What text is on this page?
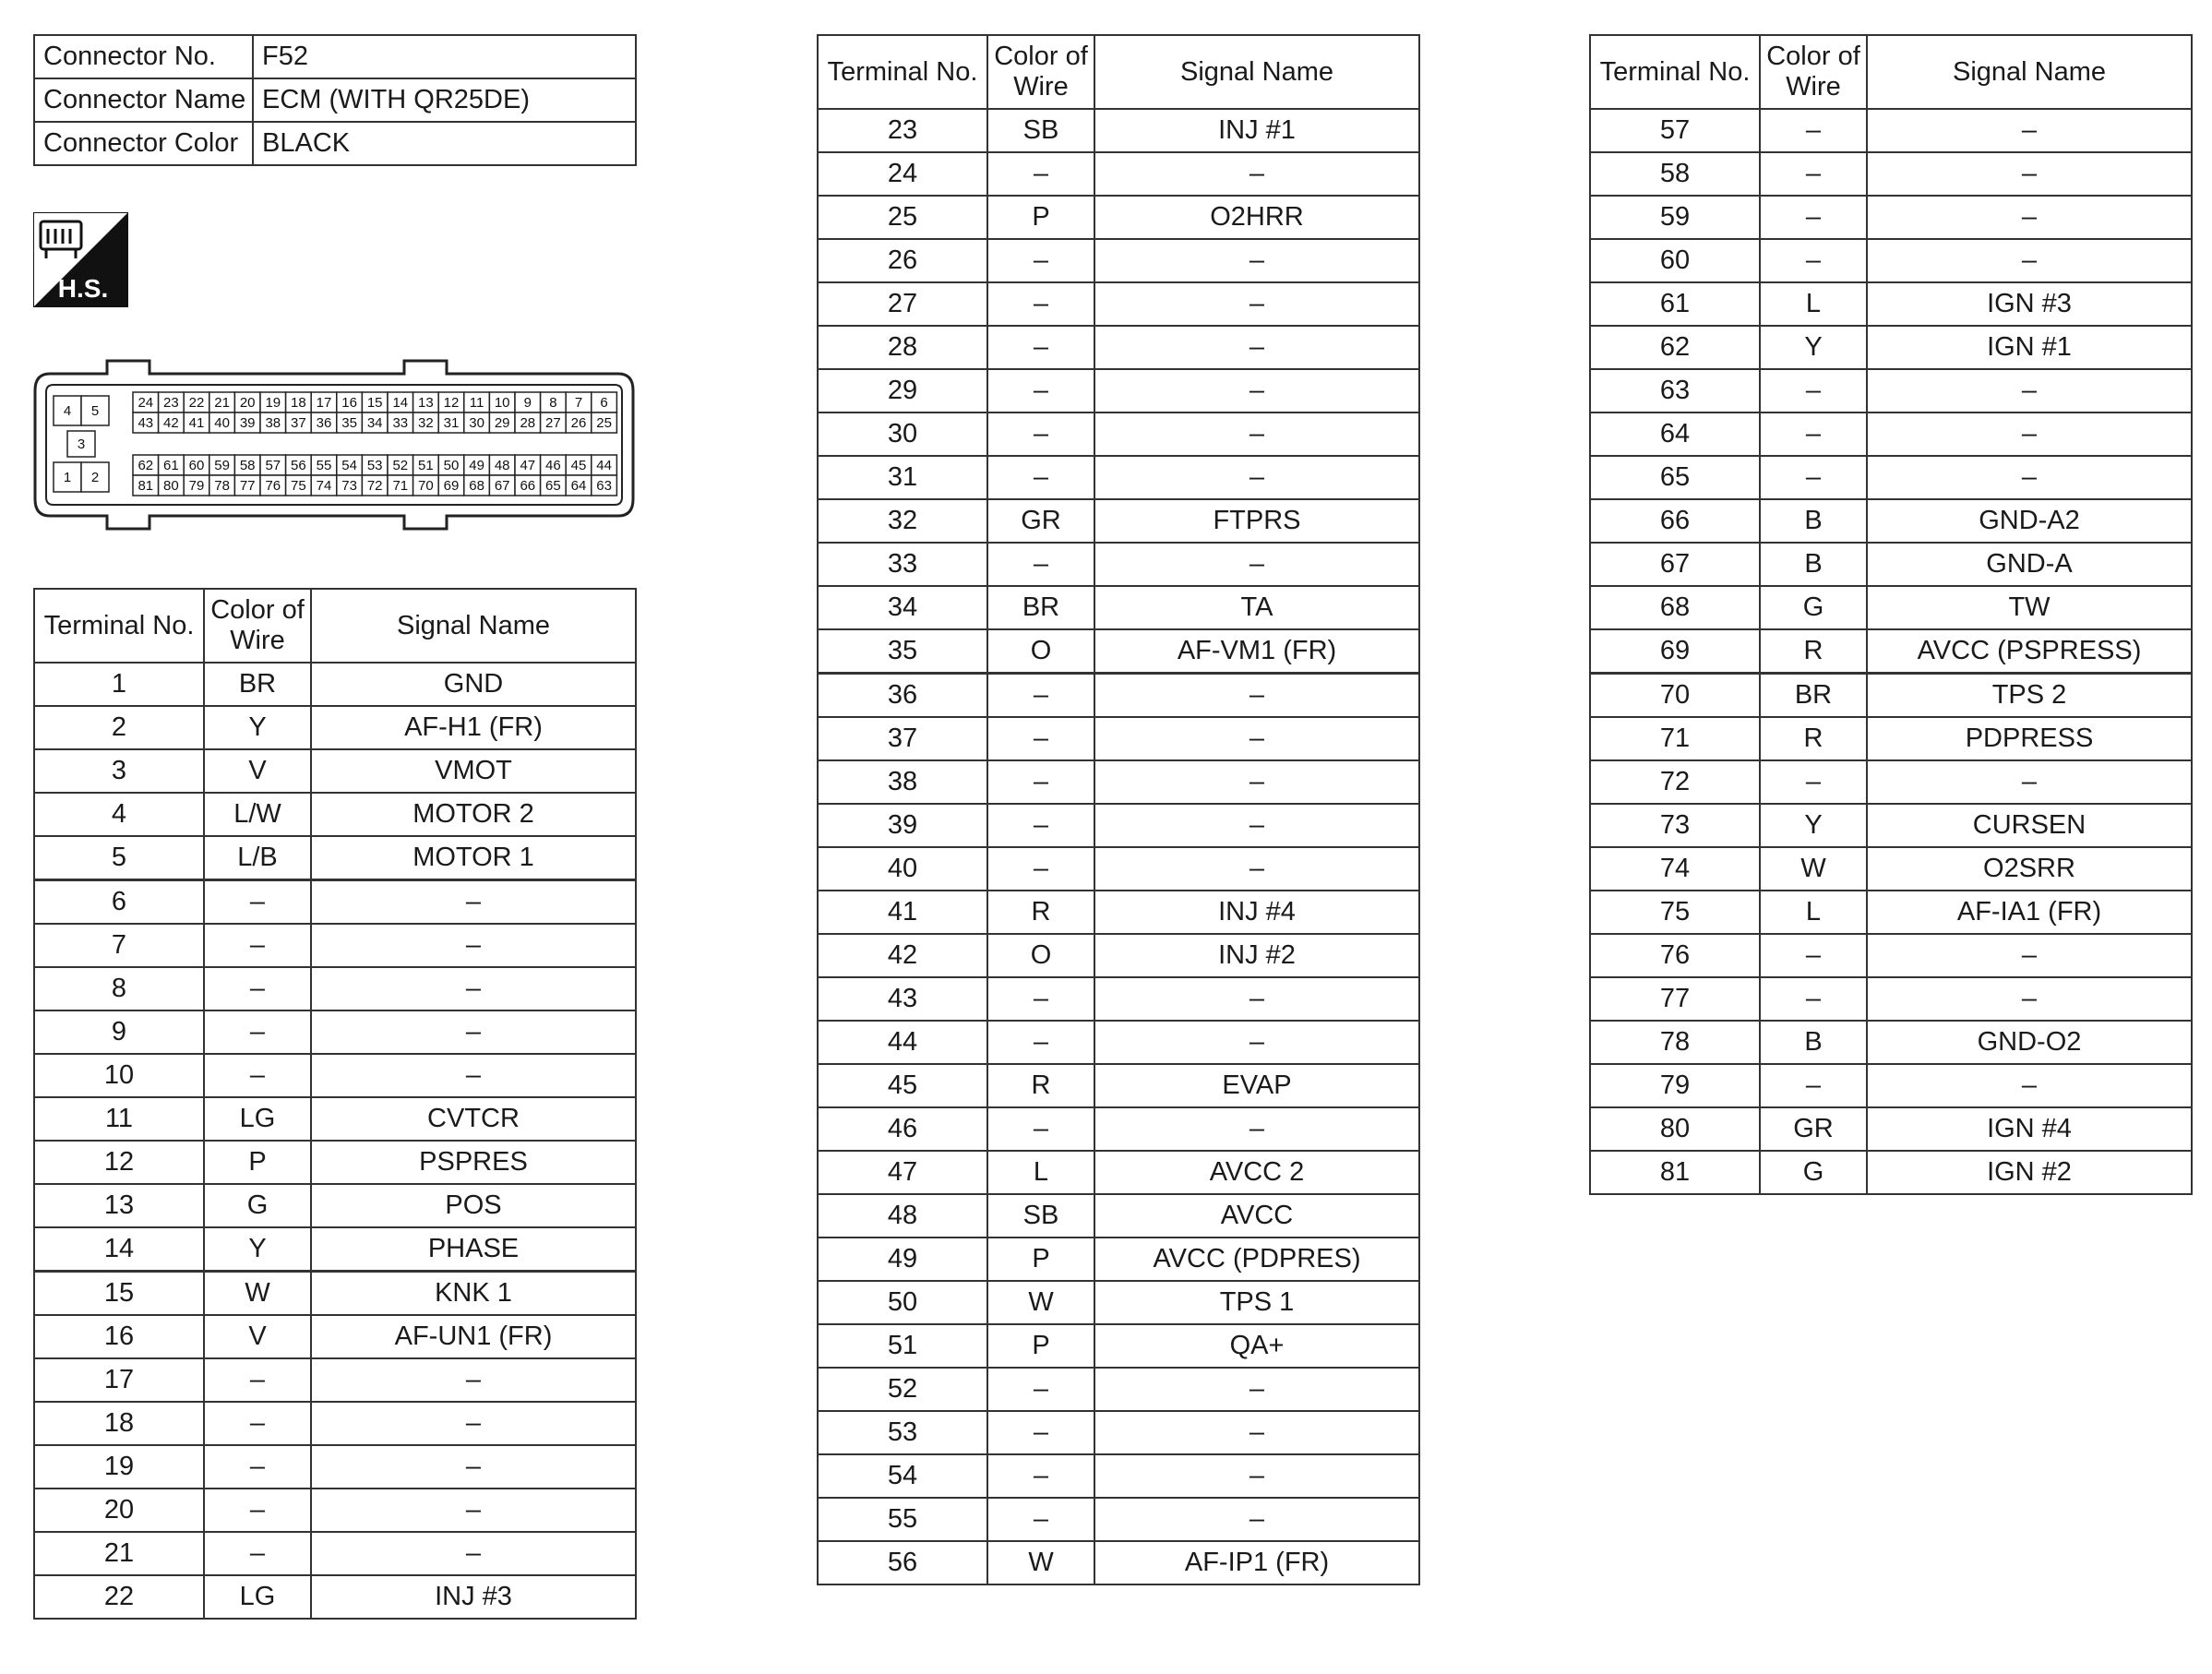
Connector No.	F52
Connector Name	ECM (WITH QR25DE)
Connector Color	BLACK
H.S.
4 5
3
1 2
24 23 22 21 20 19 18 17 16 15 14 13 12 11 10 9 8 7 6
43 42 41 40 39 38 37 36 35 34 33 32 31 30 29 28 27 26 25
62 61 60 59 58 57 56 55 54 53 52 51 50 49 48 47 46 45 44
81 80 79 78 77 76 75 74 73 72 71 70 69 68 67 66 65 64 63
Terminal No.	Color of Wire	Signal Name
1	BR	GND
2	Y	AF-H1 (FR)
3	V	VMOT
4	L/W	MOTOR 2
5	L/B	MOTOR 1
6	–	–
7	–	–
8	–	–
9	–	–
10	–	–
11	LG	CVTCR
12	P	PSPRES
13	G	POS
14	Y	PHASE
15	W	KNK 1
16	V	AF-UN1 (FR)
17	–	–
18	–	–
19	–	–
20	–	–
21	–	–
22	LG	INJ #3
Terminal No.	Color of Wire	Signal Name
23	SB	INJ #1
24	–	–
25	P	O2HRR
26	–	–
27	–	–
28	–	–
29	–	–
30	–	–
31	–	–
32	GR	FTPRS
33	–	–
34	BR	TA
35	O	AF-VM1 (FR)
36	–	–
37	–	–
38	–	–
39	–	–
40	–	–
41	R	INJ #4
42	O	INJ #2
43	–	–
44	–	–
45	R	EVAP
46	–	–
47	L	AVCC 2
48	SB	AVCC
49	P	AVCC (PDPRES)
50	W	TPS 1
51	P	QA+
52	–	–
53	–	–
54	–	–
55	–	–
56	W	AF-IP1 (FR)
Terminal No.	Color of Wire	Signal Name
57	–	–
58	–	–
59	–	–
60	–	–
61	L	IGN #3
62	Y	IGN #1
63	–	–
64	–	–
65	–	–
66	B	GND-A2
67	B	GND-A
68	G	TW
69	R	AVCC (PSPRESS)
70	BR	TPS 2
71	R	PDPRESS
72	–	–
73	Y	CURSEN
74	W	O2SRR
75	L	AF-IA1 (FR)
76	–	–
77	–	–
78	B	GND-O2
79	–	–
80	GR	IGN #4
81	G	IGN #2
